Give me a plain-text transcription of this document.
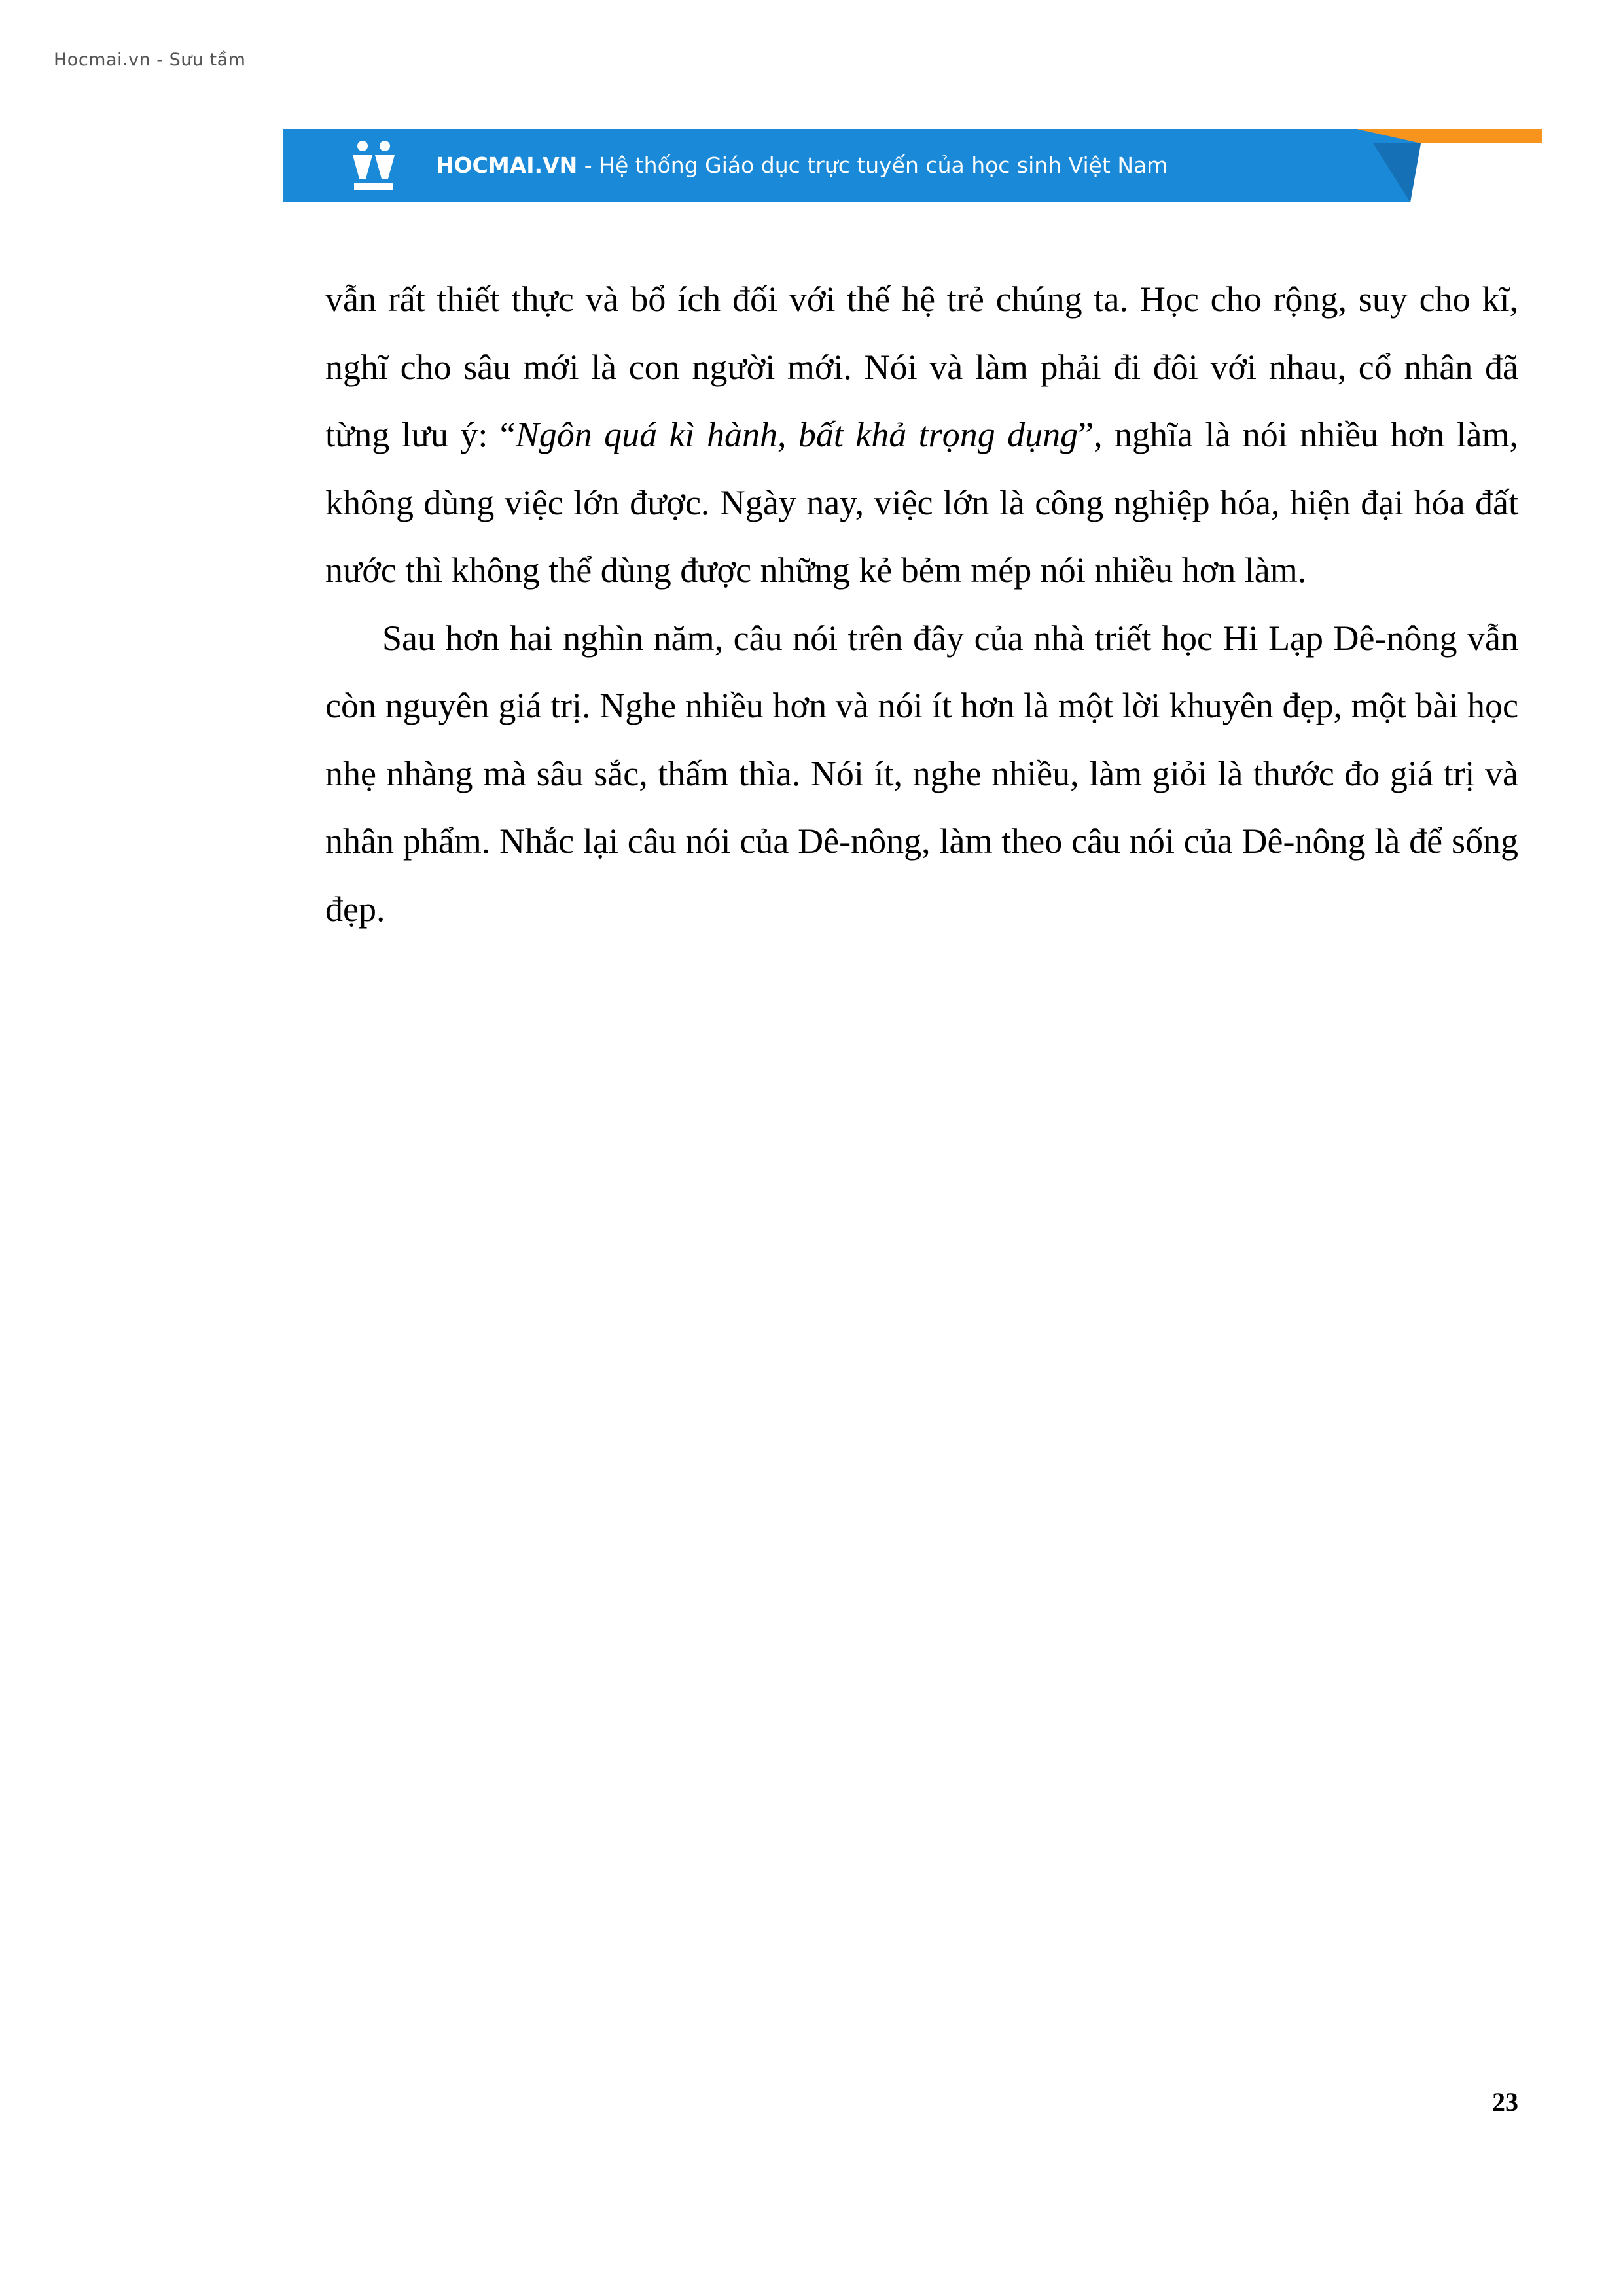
Hocmai.vn - Sưu tầm
HOCMAI.VN - Hệ thống Giáo dục trực tuyến của học sinh Việt Nam

vẫn rất thiết thực và bổ ích đối với thế hệ trẻ chúng ta. Học cho rộng, suy cho kĩ, nghĩ cho sâu mới là con người mới. Nói và làm phải đi đôi với nhau, cổ nhân đã từng lưu ý: “Ngôn quá kì hành, bất khả trọng dụng”, nghĩa là nói nhiều hơn làm, không dùng việc lớn được. Ngày nay, việc lớn là công nghiệp hóa, hiện đại hóa đất nước thì không thể dùng được những kẻ bẻm mép nói nhiều hơn làm.

Sau hơn hai nghìn năm, câu nói trên đây của nhà triết học Hi Lạp Dê-nông vẫn còn nguyên giá trị. Nghe nhiều hơn và nói ít hơn là một lời khuyên đẹp, một bài học nhẹ nhàng mà sâu sắc, thấm thìa. Nói ít, nghe nhiều, làm giỏi là thước đo giá trị và nhân phẩm. Nhắc lại câu nói của Dê-nông, làm theo câu nói của Dê-nông là để sống đẹp.

23
